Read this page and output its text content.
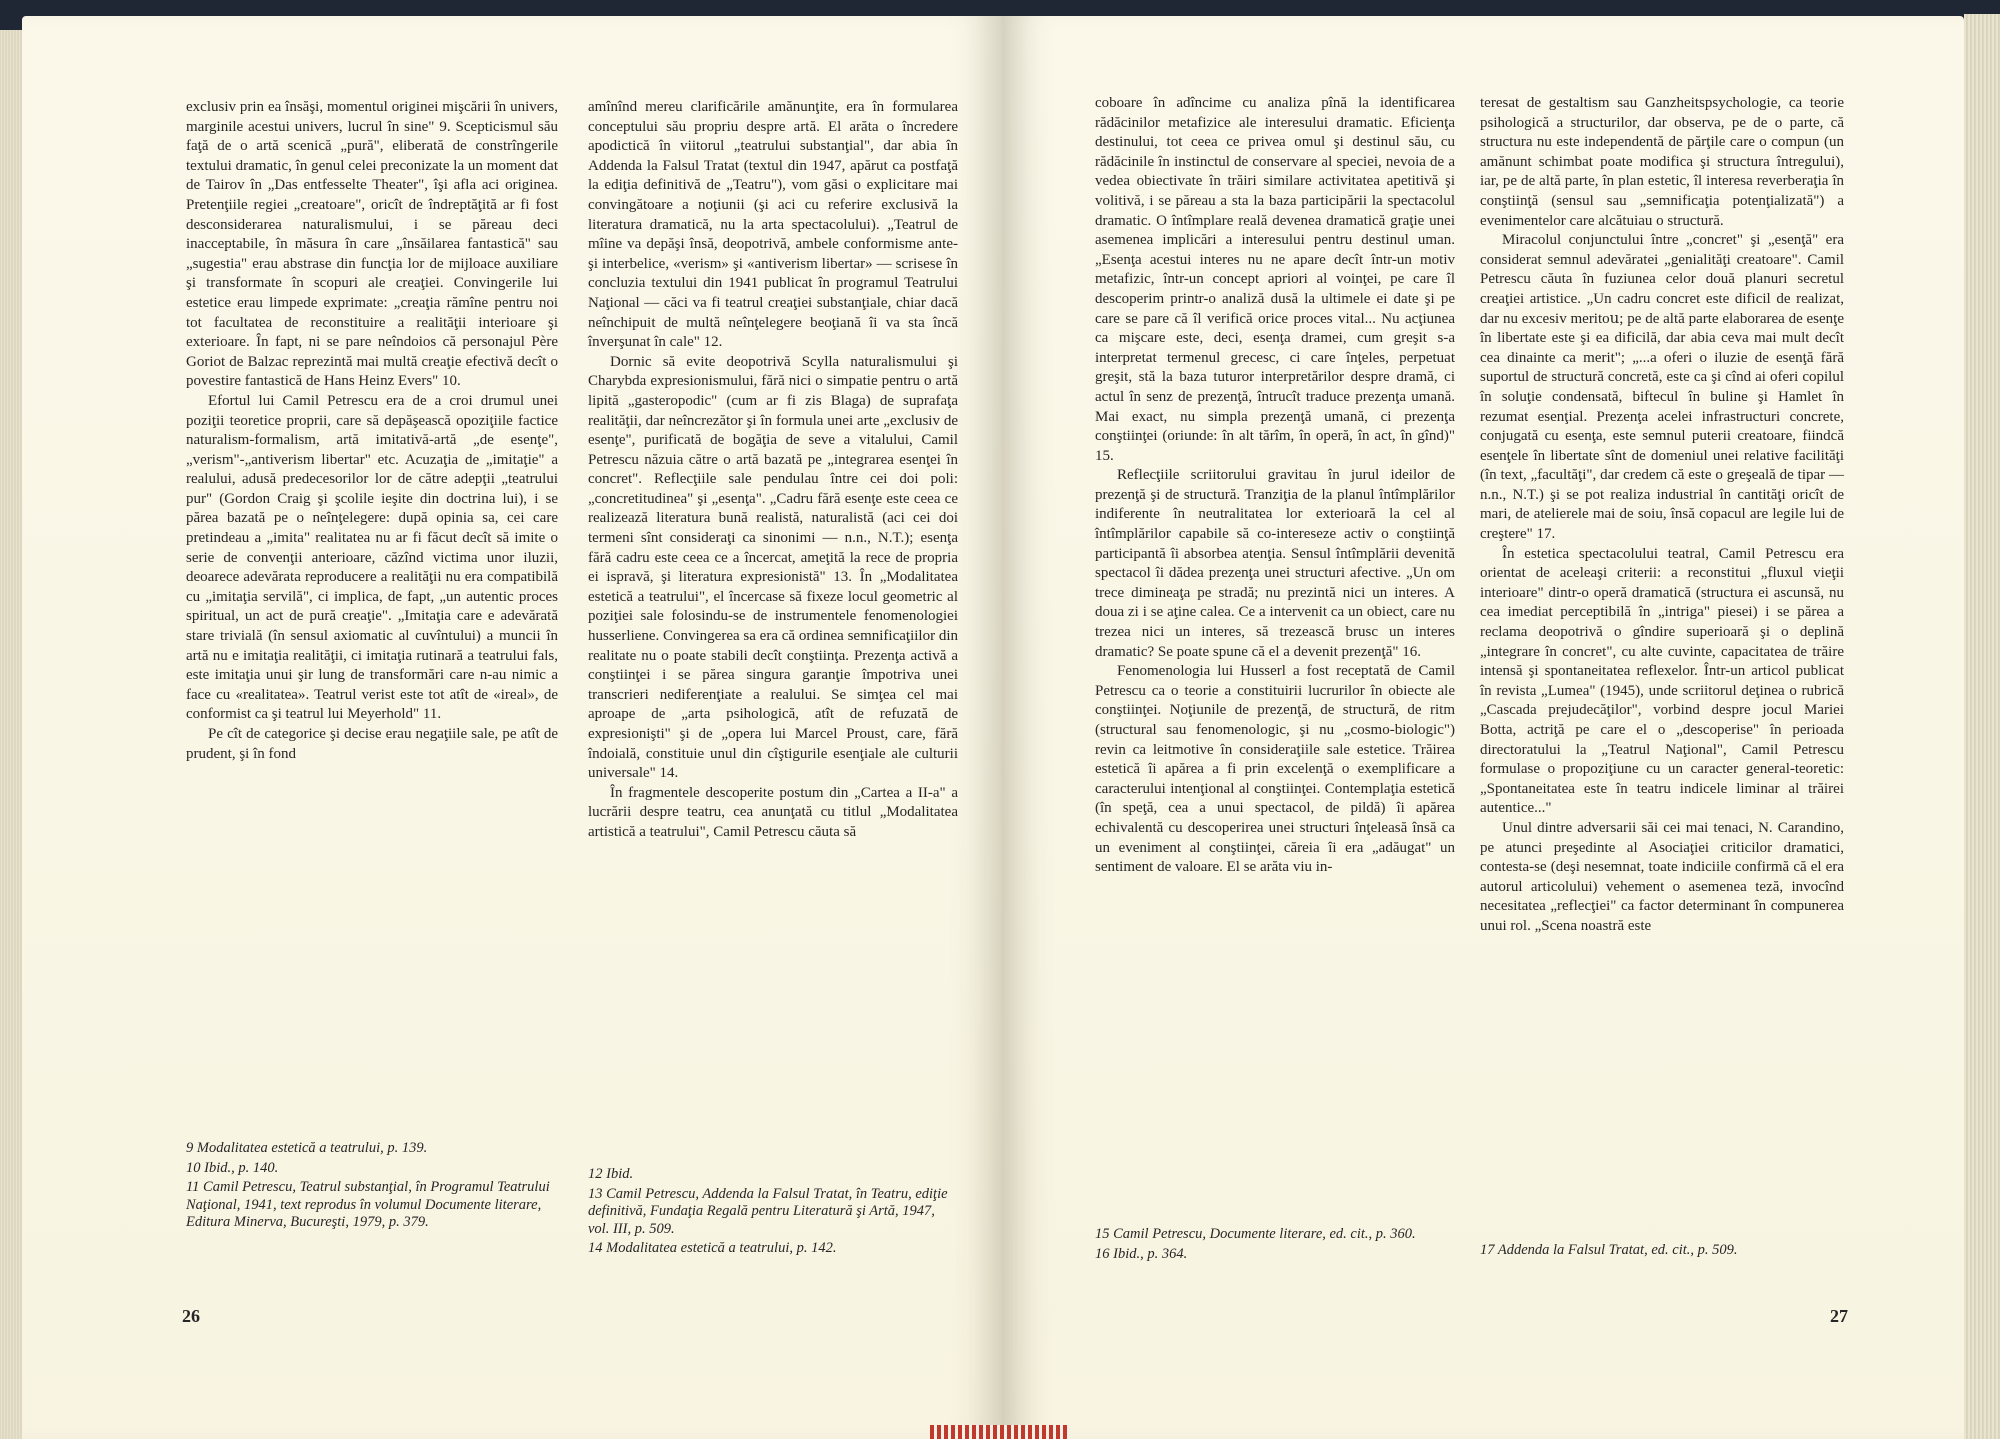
exclusiv prin ea însăşi, momentul originei mişcării în univers, marginile acestui univers, lucrul în sine" 9. Scepticismul său faţă de o artă scenică „pură", eliberată de constrîngerile textului dramatic, în genul celei preconizate la un moment dat de Tairov în „Das entfesselte Theater", îşi afla aci originea. Pretenţiile regiei „creatoare", oricît de îndreptăţită ar fi fost desconsiderarea naturalismului, i se păreau deci inacceptabile, în măsura în care „însăilarea fantastică" sau „sugestia" erau abstrase din funcţia lor de mijloace auxiliare şi transformate în scopuri ale creaţiei. Convingerile lui estetice erau limpede exprimate: „creaţia rămîne pentru noi tot facultatea de reconstituire a realităţii interioare şi exterioare. În fapt, ni se pare neîndoios că personajul Père Goriot de Balzac reprezintă mai multă creaţie efectivă decît o povestire fantastică de Hans Heinz Evers" 10.

Efortul lui Camil Petrescu era de a croi drumul unei poziţii teoretice proprii, care să depăşească opoziţiile factice naturalism-formalism, artă imitativă-artă „de esenţe", „verism"-„antiverism libertar" etc. Acuzaţia de „imitaţie" a realului, adusă predecesorilor lor de către adepţii „teatrului pur" (Gordon Craig şi şcolile ieşite din doctrina lui), i se părea bazată pe o neînţelegere: după opinia sa, cei care pretindeau a „imita" realitatea nu ar fi făcut decît să imite o serie de convenţii anterioare, căzînd victima unor iluzii, deoarece adevărata reproducere a realităţii nu era compatibilă cu „imitaţia servilă", ci implica, de fapt, „un autentic proces spiritual, un act de pură creaţie". „Imitaţia care e adevărată stare trivială (în sensul axiomatic al cuvîntului) a muncii în artă nu e imitaţia realităţii, ci imitaţia rutinară a teatrului fals, este imitaţia unui şir lung de transformări care n-au nimic a face cu «realitatea». Teatrul verist este tot atît de «ireal», de conformist ca şi teatrul lui Meyerhold" 11.

Pe cît de categorice şi decise erau negaţiile sale, pe atît de prudent, şi în fond

9 Modalitatea estetică a teatrului, p. 139.

10 Ibid., p. 140.

11 Camil Petrescu, Teatrul substanţial, în Programul Teatrului Naţional, 1941, text reprodus în volumul Documente literare, Editura Minerva, Bucureşti, 1979, p. 379.

amînînd mereu clarificările amănunţite, era în formularea conceptului său propriu despre artă. El arăta o încredere apodictică în viitorul „teatrului substanţial", dar abia în Addenda la Falsul Tratat (textul din 1947, apărut ca postfaţă la ediţia definitivă de „Teatru"), vom găsi o explicitare mai convingătoare a noţiunii (şi aci cu referire exclusivă la literatura dramatică, nu la arta spectacolului). „Teatrul de mîine va depăşi însă, deopotrivă, ambele conformisme ante- şi interbelice, «verism» şi «antiverism libertar» — scrisese în concluzia textului din 1941 publicat în programul Teatrului Naţional — căci va fi teatrul creaţiei substanţiale, chiar dacă neînchipuit de multă neînţelegere beoţiană îi va sta încă înverşunat în cale" 12.

Dornic să evite deopotrivă Scylla naturalismului şi Charybda expresionismului, fără nici o simpatie pentru o artă lipită „gasteropodic" (cum ar fi zis Blaga) de suprafaţa realităţii, dar neîncrezător şi în formula unei arte „exclusiv de esenţe", purificată de bogăţia de seve a vitalului, Camil Petrescu năzuia către o artă bazată pe „integrarea esenţei în concret". Reflecţiile sale pendulau între cei doi poli: „concretitudinea" şi „esenţa". „Cadru fără esenţe este ceea ce realizează literatura bună realistă, naturalistă (aci cei doi termeni sînt consideraţi ca sinonimi — n.n., N.T.); esenţa fără cadru este ceea ce a încercat, ameţită la rece de propria ei ispravă, şi literatura expresionistă" 13. În „Modalitatea estetică a teatrului", el încercase să fixeze locul geometric al poziţiei sale folosindu-se de instrumentele fenomenologiei husserliene. Convingerea sa era că ordinea semnificaţiilor din realitate nu o poate stabili decît conştiinţa. Prezenţa activă a conştiinţei i se părea singura garanţie împotriva unei transcrieri nediferenţiate a realului. Se simţea cel mai aproape de „arta psihologică, atît de refuzată de expresionişti" şi de „opera lui Marcel Proust, care, fără îndoială, constituie unul din cîştigurile esenţiale ale culturii universale" 14.

În fragmentele descoperite postum din „Cartea a II-a" a lucrării despre teatru, cea anunţată cu titlul „Modalitatea artistică a teatrului", Camil Petrescu căuta să

12 Ibid.

13 Camil Petrescu, Addenda la Falsul Tratat, în Teatru, ediţie definitivă, Fundaţia Regală pentru Literatură şi Artă, 1947, vol. III, p. 509.

14 Modalitatea estetică a teatrului, p. 142.

26

coboare în adîncime cu analiza pînă la identificarea rădăcinilor metafizice ale interesului dramatic. Eficienţa destinului, tot ceea ce priveа omul şi destinul său, cu rădăcinile în instinctul de conservare al speciei, nevoia de a vedea obiectivate în trăiri similare activitatea apetitivă şi volitivă, i se păreau a sta la baza participării la spectacolul dramatic. O întîmplare reală devenea dramatică graţie unei asemenea implicări a interesului pentru destinul uman. „Esenţa acestui interes nu ne apare decît într-un motiv metafizic, într-un concept apriori al voinţei, pe care îl descoperim printr-o analiză dusă la ultimele ei date şi pe care se pare că îl verifică orice proces vital... Nu acţiunea ca mişcare este, deci, esenţa dramei, cum greşit s-a interpretat termenul grecesc, ci care înţeles, perpetuat greşit, stă la baza tuturor interpretărilor despre dramă, ci actul în senz de prezenţă, întrucît traduce prezenţa umană. Mai exact, nu simpla prezenţă umană, ci prezenţa conştiinţei (oriunde: în alt tărîm, în operă, în act, în gînd)" 15.

Reflecţiile scriitorului gravitau în jurul ideilor de prezenţă şi de structură. Tranziţia de la planul întîmplărilor indiferente în neutralitatea lor exterioară la cel al întîmplărilor capabile să co-intereseze activ o conştiinţă participantă îi absorbea atenţia. Sensul întîmplării devenită spectacol îi dădea prezenţa unei structuri afective. „Un om trece dimineaţa pe stradă; nu prezintă nici un interes. A doua zi i se aţine calea. Ce a intervenit ca un obiect, care nu trezea nici un interes, să trezească brusc un interes dramatic? Se poate spune că el a devenit prezenţă" 16.

Fenomenologia lui Husserl a fost receptată de Camil Petrescu ca o teorie a constituirii lucrurilor în obiecte ale conştiinţei. Noţiunile de prezenţă, de structură, de ritm (structural sau fenomenologic, şi nu „cosmo-biologic") revin ca leitmotive în consideraţiile sale estetice. Trăirea estetică îi apărea a fi prin excelenţă o exemplificare a caracterului intenţional al conştiinţei. Contemplaţia estetică (în speţă, cea a unui spectacol, de pildă) îi apărea echivalentă cu descoperirea unei structuri înţeleasă însă ca un eveniment al conştiinţei, căreia îi era „adăugat" un sentiment de valoare. El se arăta viu in-

15 Camil Petrescu, Documente literare, ed. cit., p. 360.

16 Ibid., p. 364.

teresat de gestaltism sau Ganzheitspsychologie, ca teorie psihologică a structurilor, dar observa, pe de o parte, că structura nu este independentă de părţile care o compun (un amănunt schimbat poate modifica şi structura întregului), iar, pe de altă parte, în plan estetic, îl interesa reverberaţia în conştiinţă (sensul sau „semnificaţia potenţializată") a evenimentelor care alcătuiau o structură.

Miracolul conjunctului între „concret" şi „esenţă" era considerat semnul adevăratei „genialităţi creatoare". Camil Petrescu căuta în fuziunea celor două planuri secretul creaţiei artistice. „Un cadru concret este dificil de realizat, dar nu excesiv meritoս; pe de altă parte elaborarea de esenţe în libertate este şi ea dificilă, dar abia ceva mai mult decît cea dinainte ca merit"; „...a oferi o iluzie de esenţă fără suportul de structură concretă, este ca şi cînd ai oferi copilul în soluţie condensată, biftecul în buline şi Hamlet în rezumat esenţial. Prezenţa acelei infrastructuri concrete, conjugată cu esenţa, este semnul puterii creatoare, fiindcă esenţele în libertate sînt de domeniul unei relative facilităţi (în text, „facultăţi", dar credem că este o greşeală de tipar — n.n., N.T.) şi se pot realiza industrial în cantităţi oricît de mari, de atelierele mai de soiu, însă copacul are legile lui de creştere" 17.

În estetica spectacolului teatral, Camil Petrescu era orientat de aceleaşi criterii: a reconstitui „fluxul vieţii interioare" dintr-o operă dramatică (structura ei ascunsă, nu cea imediat perceptibilă în „intriga" piesei) i se părea a reclama deopotrivă o gîndire superioară şi o deplină „integrare în concret", cu alte cuvinte, capacitatea de trăire intensă şi spontaneitatea reflexelor. Într-un articol publicat în revista „Lumea" (1945), unde scriitorul deţinea o rubrică „Cascada prejudecăţilor", vorbind despre jocul Mariei Botta, actriţă pe care el o „descoperise" în perioada directoratului la „Teatrul Naţional", Camil Petrescu formulase o propoziţiune cu un caracter general-teoretic: „Spontaneitatea este în teatru indicele liminar al trăirei autentice..."

Unul dintre adversarii săi cei mai tenaci, N. Carandino, pe atunci preşedinte al Asociaţiei criticilor dramatici, contesta-se (deşi nesemnat, toate indiciile confirmă că el era autorul articolului) vehement o asemenea teză, invocînd necesitatea „reflecţiei" ca factor determinant în compunerea unui rol. „Scena noastră este

17 Addenda la Falsul Tratat, ed. cit., p. 509.

27
